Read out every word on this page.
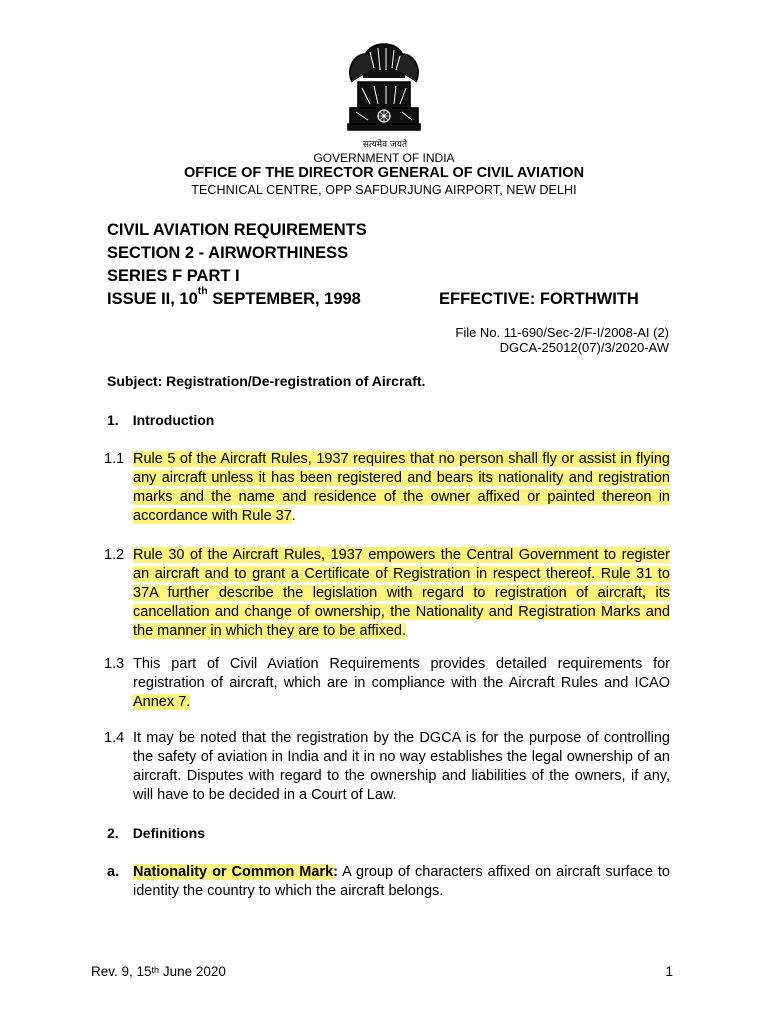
सत्यमेव जयते
GOVERNMENT OF INDIA
OFFICE OF THE DIRECTOR GENERAL OF CIVIL AVIATION
TECHNICAL CENTRE, OPP SAFDURJUNG AIRPORT, NEW DELHI
CIVIL AVIATION REQUIREMENTS
SECTION 2 - AIRWORTHINESS
SERIES F PART I
ISSUE II, 10th SEPTEMBER, 1998	EFFECTIVE: FORTHWITH
File No. 11-690/Sec-2/F-I/2008-AI (2)
DGCA-25012(07)/3/2020-AW
Subject: Registration/De-registration of Aircraft.
1. Introduction
1.1 Rule 5 of the Aircraft Rules, 1937 requires that no person shall fly or assist in flying any aircraft unless it has been registered and bears its nationality and registration marks and the name and residence of the owner affixed or painted thereon in accordance with Rule 37.
1.2 Rule 30 of the Aircraft Rules, 1937 empowers the Central Government to register an aircraft and to grant a Certificate of Registration in respect thereof. Rule 31 to 37A further describe the legislation with regard to registration of aircraft, its cancellation and change of ownership, the Nationality and Registration Marks and the manner in which they are to be affixed.
1.3 This part of Civil Aviation Requirements provides detailed requirements for registration of aircraft, which are in compliance with the Aircraft Rules and ICAO Annex 7.
1.4 It may be noted that the registration by the DGCA is for the purpose of controlling the safety of aviation in India and it in no way establishes the legal ownership of an aircraft. Disputes with regard to the ownership and liabilities of the owners, if any, will have to be decided in a Court of Law.
2. Definitions
a. Nationality or Common Mark: A group of characters affixed on aircraft surface to identity the country to which the aircraft belongs.
Rev. 9, 15th June 2020	1
